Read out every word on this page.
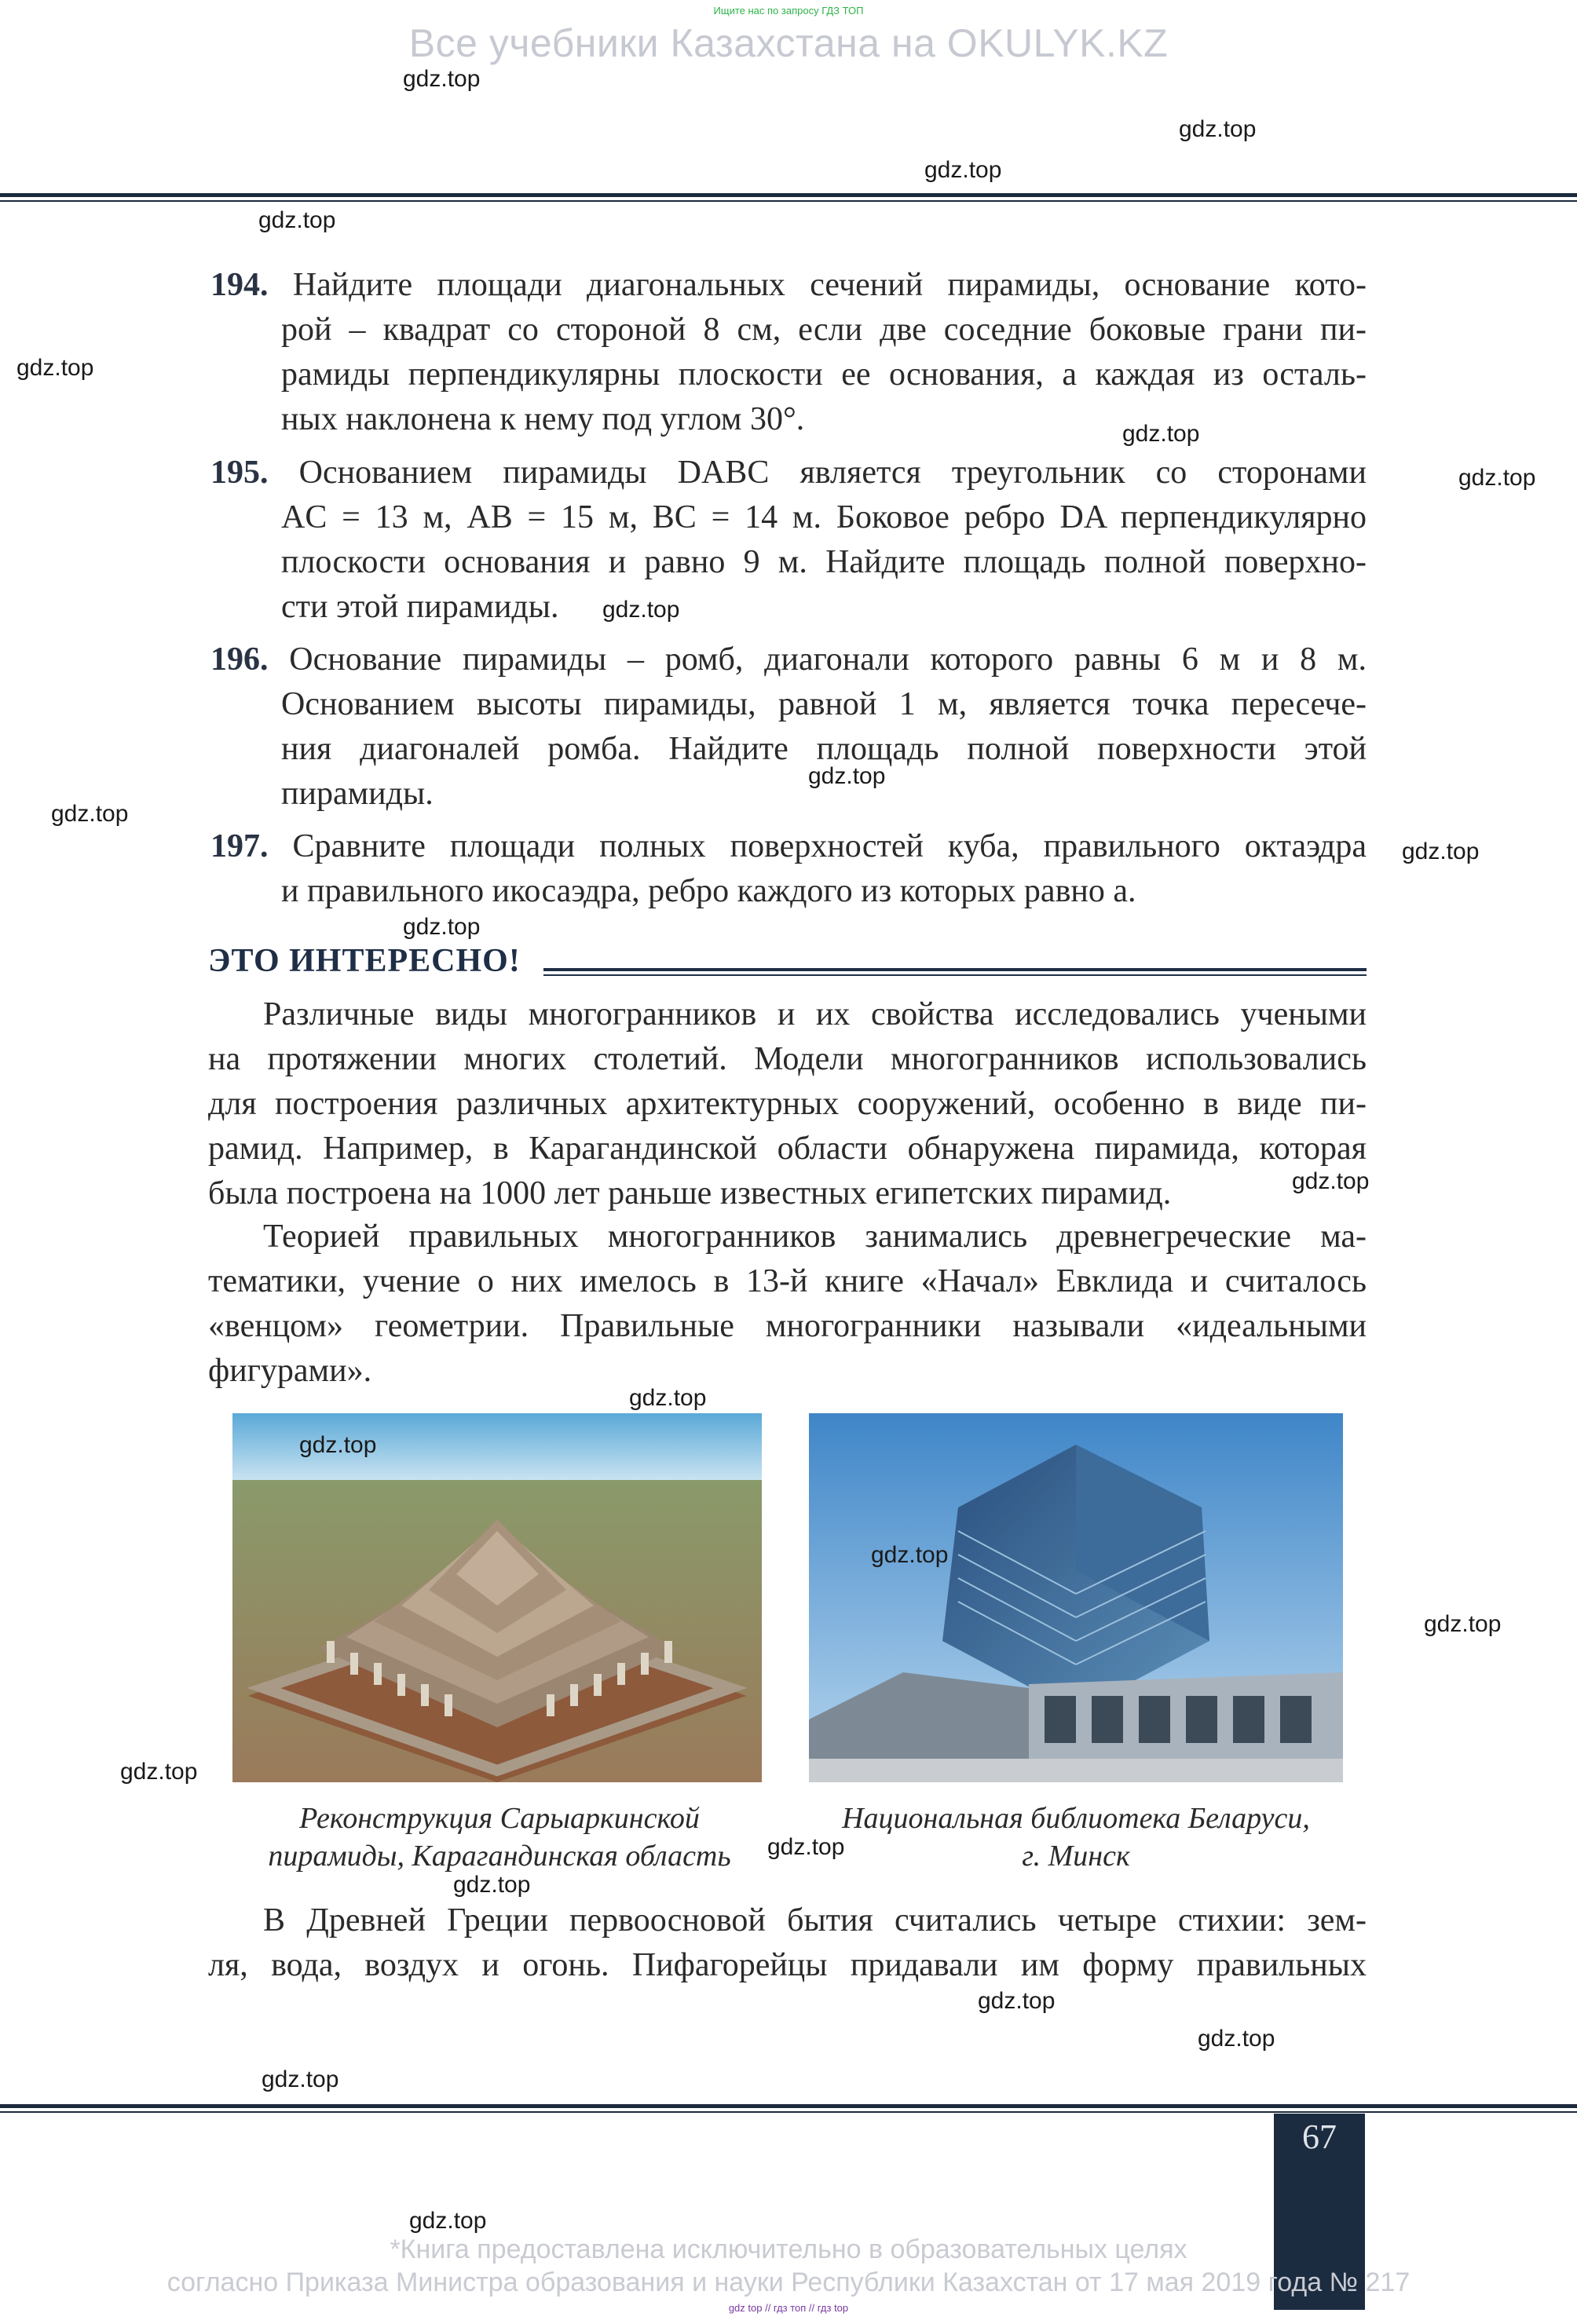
Ищите нас по запросу ГДЗ ТОП
Все учебники Казахстана на OKULYK.KZ
194. Найдите площади диагональных сечений пирамиды, основание кото-
рой – квадрат со стороной 8 см, если две соседние боковые грани пи-
рамиды перпендикулярны плоскости ее основания, а каждая из осталь-
ных наклонена к нему под углом 30°.
195. Основанием пирамиды DABC является треугольник со сторонами
AC = 13 м, AB = 15 м, BC = 14 м. Боковое ребро DA перпендикулярно
плоскости основания и равно 9 м. Найдите площадь полной поверхно-
сти этой пирамиды.
196. Основание пирамиды – ромб, диагонали которого равны 6 м и 8 м.
Основанием высоты пирамиды, равной 1 м, является точка пересече-
ния диагоналей ромба. Найдите площадь полной поверхности этой
пирамиды.
197. Сравните площади полных поверхностей куба, правильного октаэдра
и правильного икосаэдра, ребро каждого из которых равно a.
ЭТО ИНТЕРЕСНО!
Различные виды многогранников и их свойства исследовались учеными
на протяжении многих столетий. Модели многогранников использовались
для построения различных архитектурных сооружений, особенно в виде пи-
рамид. Например, в Карагандинской области обнаружена пирамида, которая
была построена на 1000 лет раньше известных египетских пирамид.
Теорией правильных многогранников занимались древнегреческие ма-
тематики, учение о них имелось в 13-й книге «Начал» Евклида и считалось
«венцом» геометрии. Правильные многогранники называли «идеальными
фигурами».
Реконструкция Сарыаркинской
пирамиды, Карагандинская область
Национальная библиотека Беларуси,
г. Минск
В Древней Греции первоосновой бытия считались четыре стихии: зем-
ля, вода, воздух и огонь. Пифагорейцы придавали им форму правильных
67
*Книга предоставлена исключительно в образовательных целях
согласно Приказа Министра образования и науки Республики Казахстан от 17 мая 2019 года № 217
gdz top // гдз топ // гдз top
gdz.top
gdz.top
gdz.top
gdz.top
gdz.top
gdz.top
gdz.top
gdz.top
gdz.top
gdz.top
gdz.top
gdz.top
gdz.top
gdz.top
gdz.top
gdz.top
gdz.top
gdz.top
gdz.top
gdz.top
gdz.top
gdz.top
gdz.top
gdz.top
